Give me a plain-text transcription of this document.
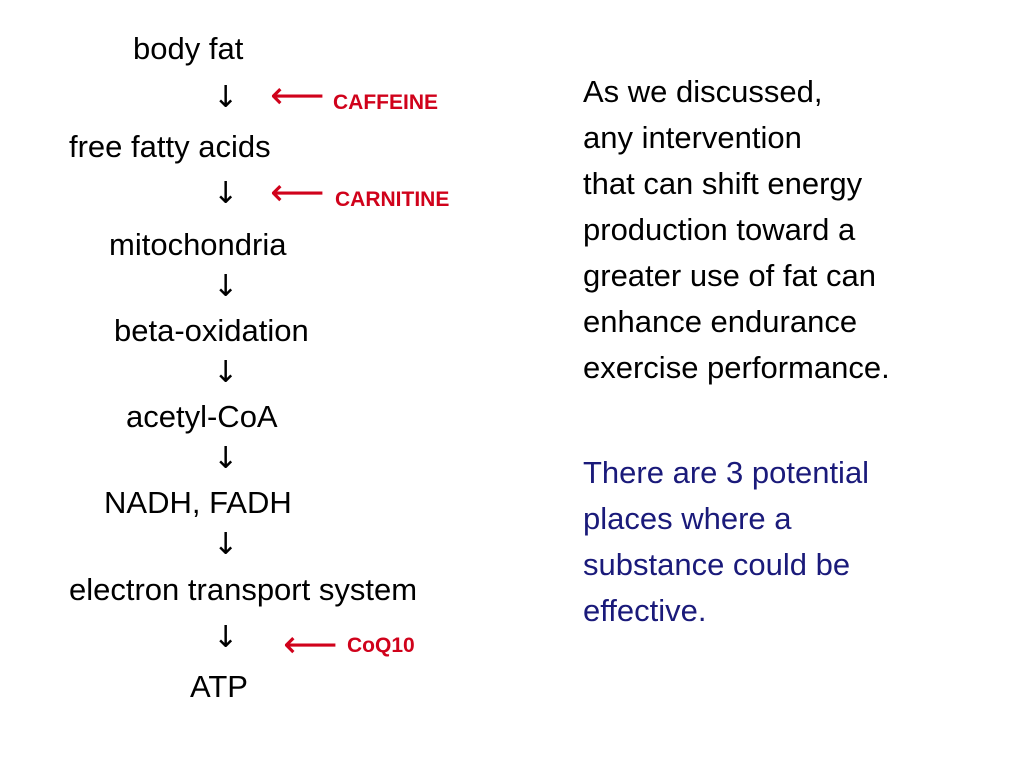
body fat
↓ ⟵ CAFFEINE
free fatty acids
↓ ⟵ CARNITINE
mitochondria
↓
beta-oxidation
↓
acetyl-CoA
↓
NADH, FADH
↓
electron transport system
↓ ⟵ CoQ10
ATP
As we discussed,
any intervention
that can shift energy
production toward a
greater use of fat can
enhance endurance
exercise performance.
There are 3 potential
places where a
substance could be
effective.
